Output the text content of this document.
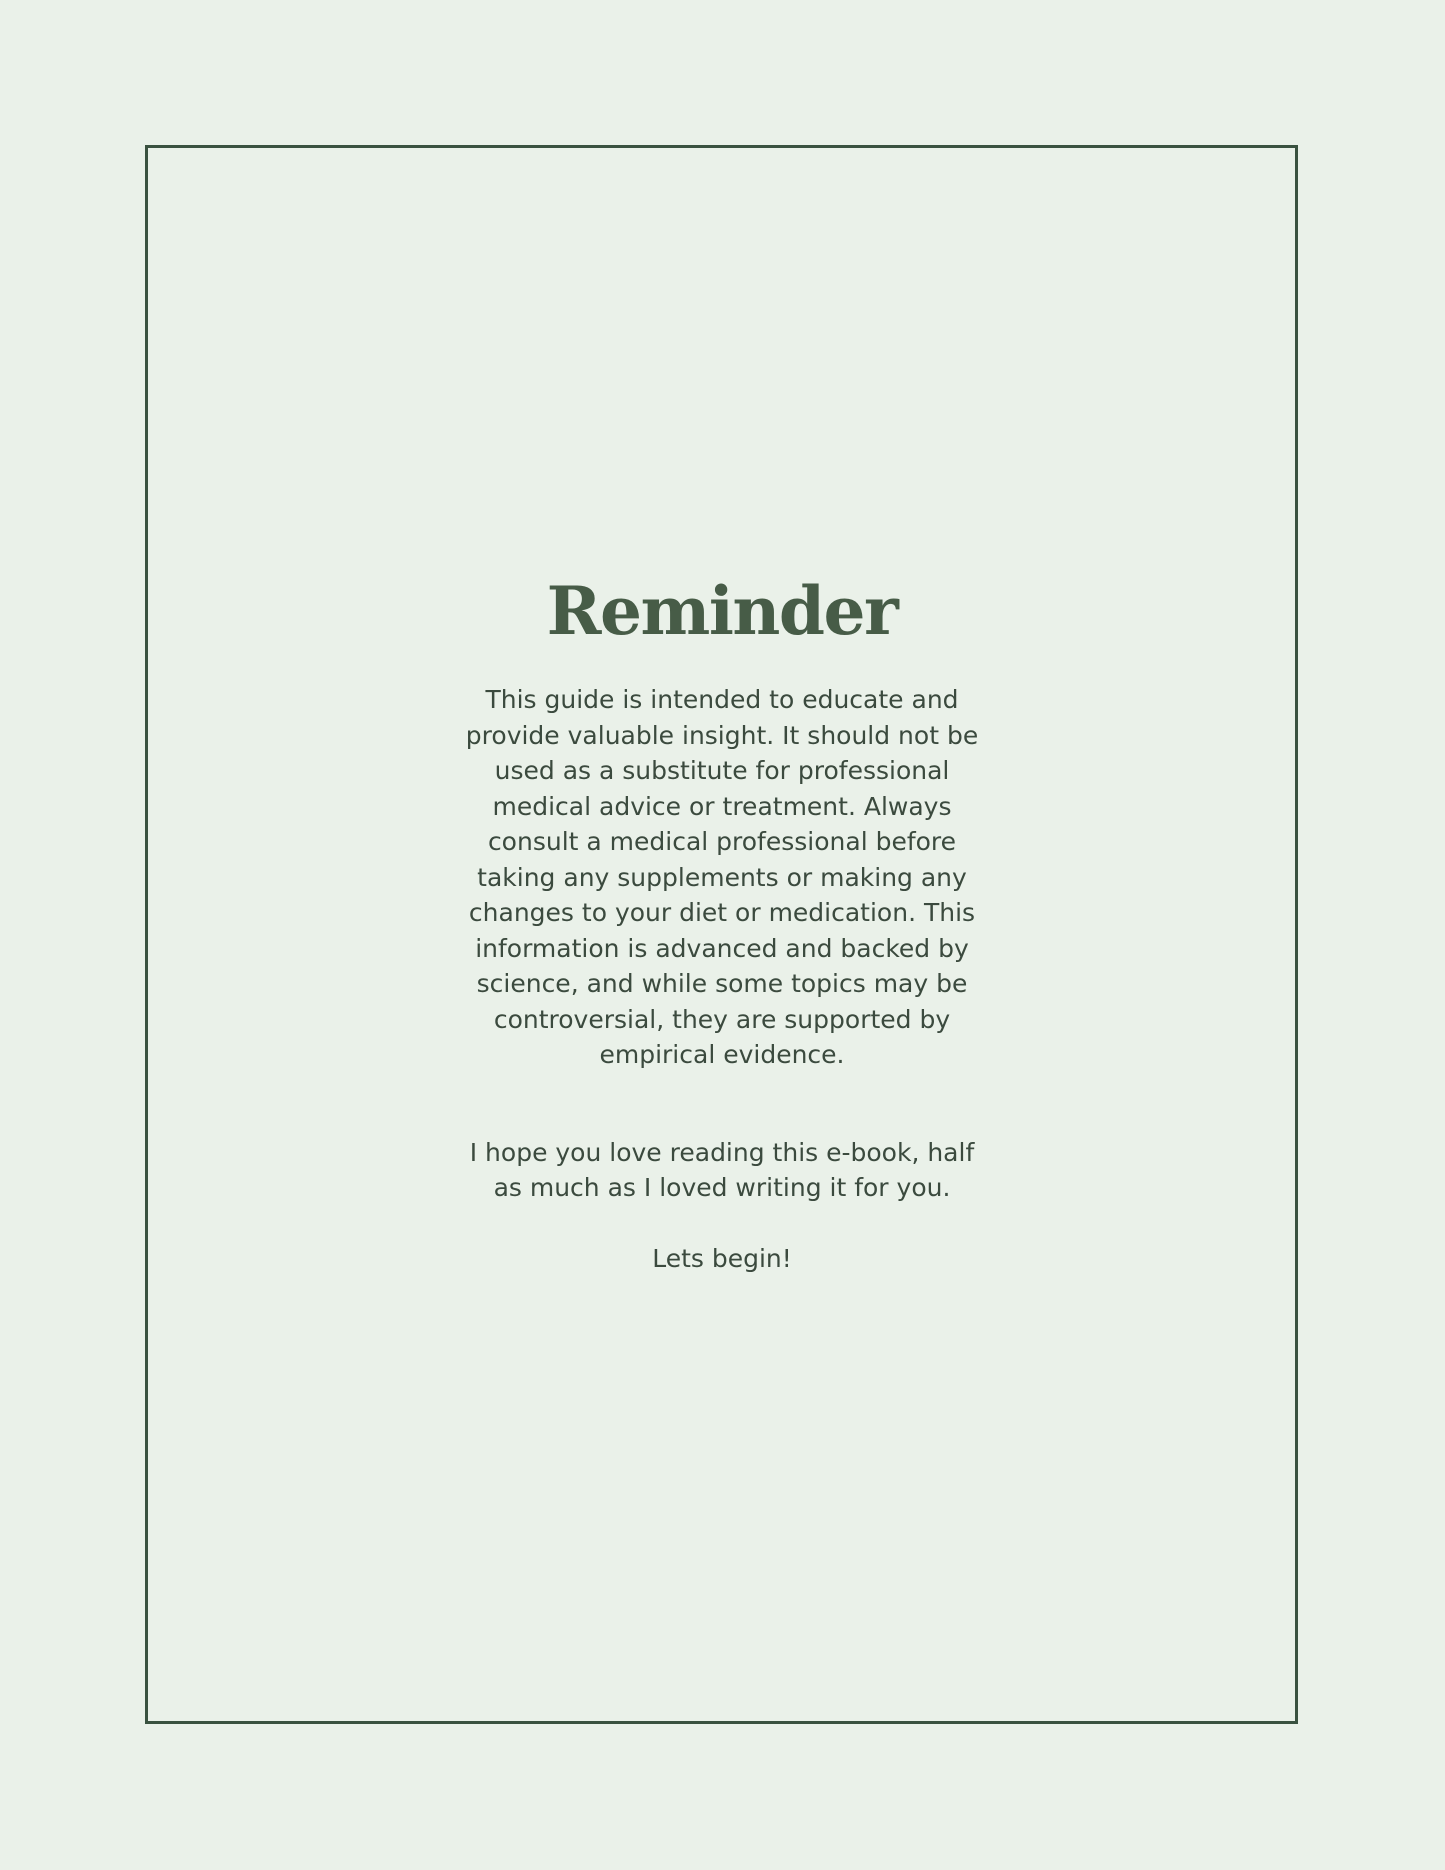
Reminder

This guide is intended to educate and provide valuable insight. It should not be used as a substitute for professional medical advice or treatment. Always consult a medical professional before taking any supplements or making any changes to your diet or medication. This information is advanced and backed by science, and while some topics may be controversial, they are supported by empirical evidence.

I hope you love reading this e-book, half as much as I loved writing it for you.

Lets begin!
